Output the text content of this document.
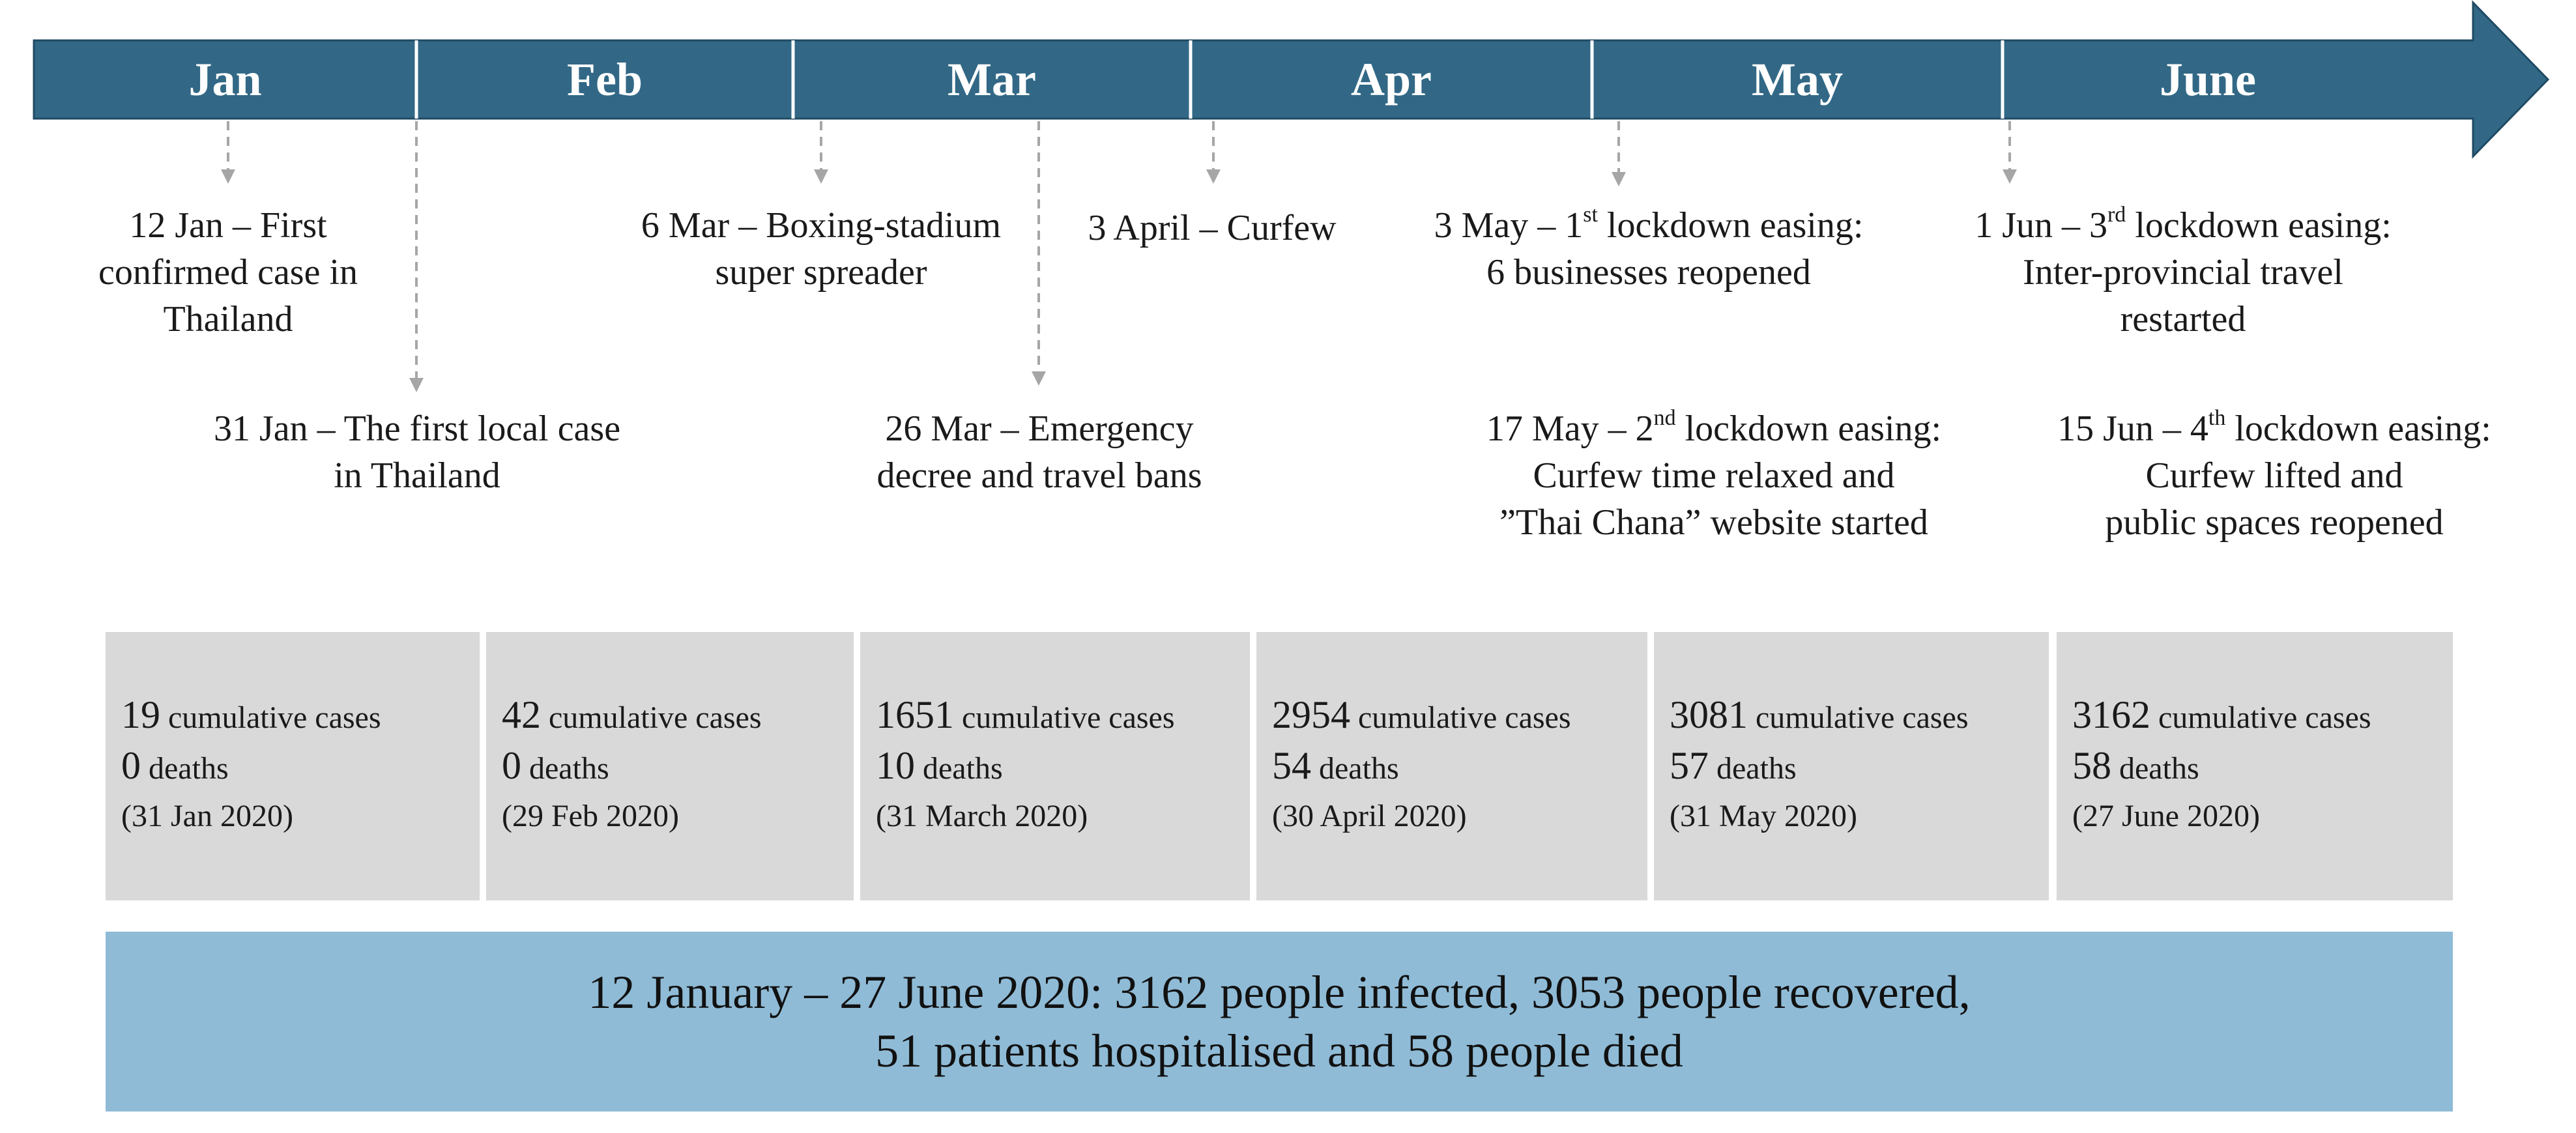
Jan	Feb	Mar	Apr	May	June
12 Jan – First
confirmed case in
Thailand
6 Mar – Boxing-stadium
super spreader
3 April – Curfew	3 May – 1st lockdown easing:
6 businesses reopened
1 Jun – 3rd lockdown easing:
Inter-provincial travel
restarted
31 Jan – The first local case
in Thailand
26 Mar – Emergency
decree and travel bans
17 May – 2nd lockdown easing:
Curfew time relaxed and
”Thai Chana” website started
15 Jun – 4th lockdown easing:
Curfew lifted and
public spaces reopened
19 cumulative cases
0 deaths
(31 Jan 2020)
42 cumulative cases
0 deaths
(29 Feb 2020)
1651 cumulative cases
10 deaths
(31 March 2020)
2954 cumulative cases
54 deaths
(30 April 2020)
3081 cumulative cases
57 deaths
(31 May 2020)
3162 cumulative cases
58 deaths
(27 June 2020)
12 January – 27 June 2020: 3162 people infected, 3053 people recovered,
51 patients hospitalised and 58 people died
